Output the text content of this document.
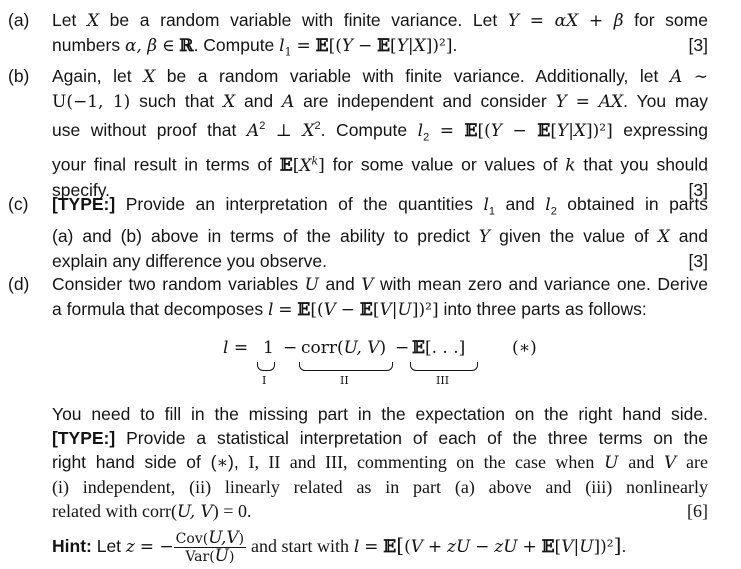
(a) Let X be a random variable with finite variance. Let Y = αX + β for some
numbers α, β ∈ ℝ. Compute $l_1$ = 𝔼[(Y − 𝔼[Y|X])²].	[3]
(b) Again, let X be a random variable with finite variance. Additionally, let A ∼
U(−1, 1) such that X and A are independent and consider Y = AX. You may
use without proof that $A^2$ ⊥ $X^2$. Compute $l_2$ = 𝔼[(Y − 𝔼[Y|X])²] expressing
your final result in terms of $𝔼[X^k]$ for some value or values of k that you should
specify.	[3]
(c) [TYPE:] Provide an interpretation of the quantities $l_1$ and $l_2$ obtained in parts
(a) and (b) above in terms of the ability to predict Y given the value of X and
explain any difference you observe.	[3]
(d) Consider two random variables U and V with mean zero and variance one. Derive
a formula that decomposes l = 𝔼[(V − 𝔼[V|U])²] into three parts as follows:
l = 1
I
− corr(U, V)
II
− 𝔼[. . .]
III
(∗)
You need to fill in the missing part in the expectation on the right hand side.
[TYPE:] Provide a statistical interpretation of each of the three terms on the
right hand side of (∗), I, II and III, commenting on the case when U and V are
(i) independent, (ii) linearly related as in part (a) above and (iii) nonlinearly
related with corr(U, V) = 0.	[6]
Hint: Let z = − $\frac{\text{Cov(U,V)}}{\text{Var(U)}}$ and start with l = 𝔼[(V + zU − zU + 𝔼[V|U])²].
